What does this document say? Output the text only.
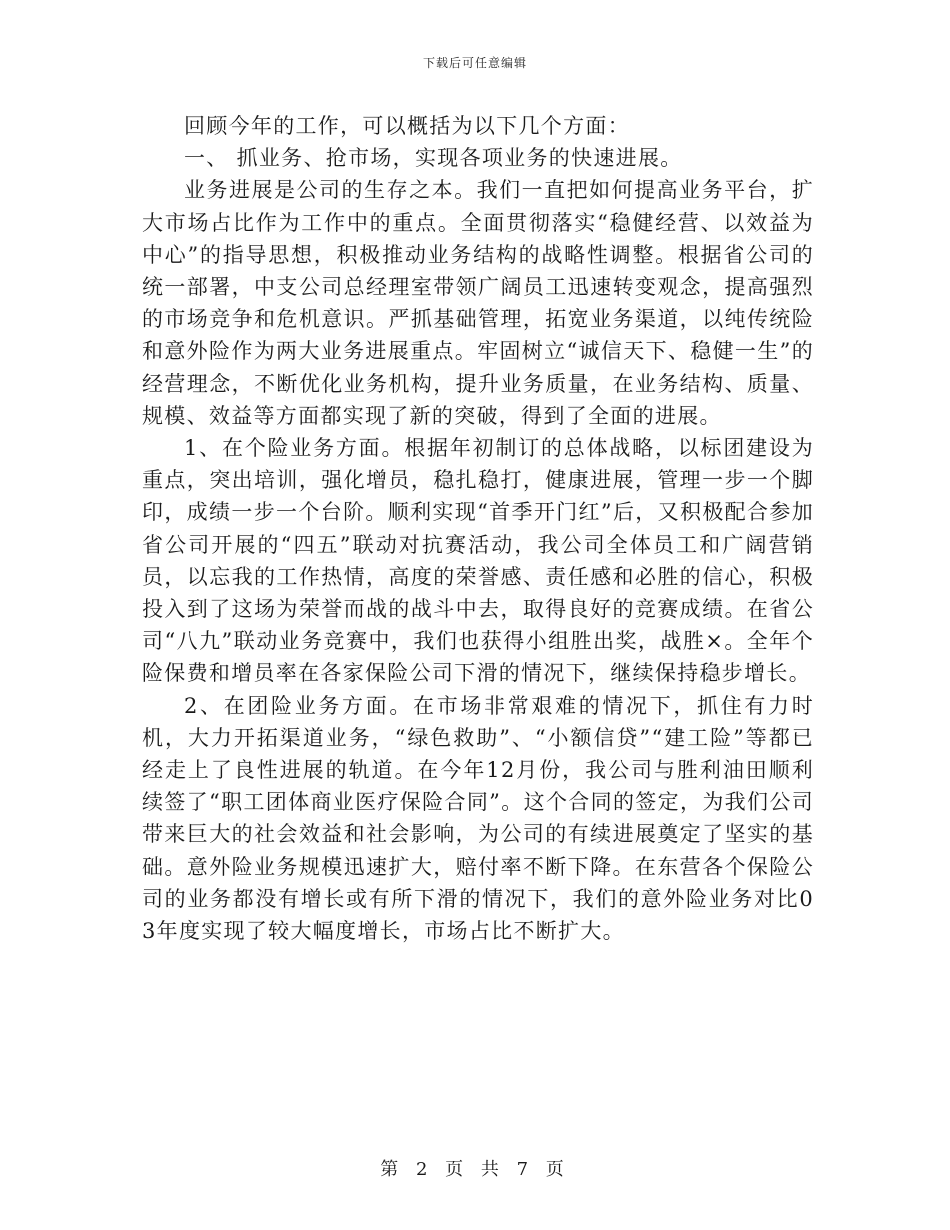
下载后可任意编辑

回顾今年的工作，可以概括为以下几个方面：

一、 抓业务、抢市场，实现各项业务的快速进展。

业务进展是公司的生存之本。我们一直把如何提高业务平台，扩大市场占比作为工作中的重点。全面贯彻落实“稳健经营、以效益为中心”的指导思想，积极推动业务结构的战略性调整。根据省公司的统一部署，中支公司总经理室带领广阔员工迅速转变观念，提高强烈的市场竞争和危机意识。严抓基础管理，拓宽业务渠道，以纯传统险和意外险作为两大业务进展重点。牢固树立“诚信天下、稳健一生”的经营理念，不断优化业务机构，提升业务质量，在业务结构、质量、规模、效益等方面都实现了新的突破，得到了全面的进展。

1、在个险业务方面。根据年初制订的总体战略，以标团建设为重点，突出培训，强化增员，稳扎稳打，健康进展，管理一步一个脚印，成绩一步一个台阶。顺利实现“首季开门红”后，又积极配合参加省公司开展的“四五”联动对抗赛活动，我公司全体员工和广阔营销员，以忘我的工作热情，高度的荣誉感、责任感和必胜的信心，积极投入到了这场为荣誉而战的战斗中去，取得良好的竞赛成绩。在省公司“八九”联动业务竞赛中，我们也获得小组胜出奖，战胜×。全年个险保费和增员率在各家保险公司下滑的情况下，继续保持稳步增长。

2、在团险业务方面。在市场非常艰难的情况下，抓住有力时机，大力开拓渠道业务，“绿色救助”、“小额信贷”“建工险”等都已经走上了良性进展的轨道。在今年12月份，我公司与胜利油田顺利续签了“职工团体商业医疗保险合同”。这个合同的签定，为我们公司带来巨大的社会效益和社会影响，为公司的有续进展奠定了坚实的基础。意外险业务规模迅速扩大，赔付率不断下降。在东营各个保险公司的业务都没有增长或有所下滑的情况下，我们的意外险业务对比03年度实现了较大幅度增长，市场占比不断扩大。

第 2 页 共 7 页
